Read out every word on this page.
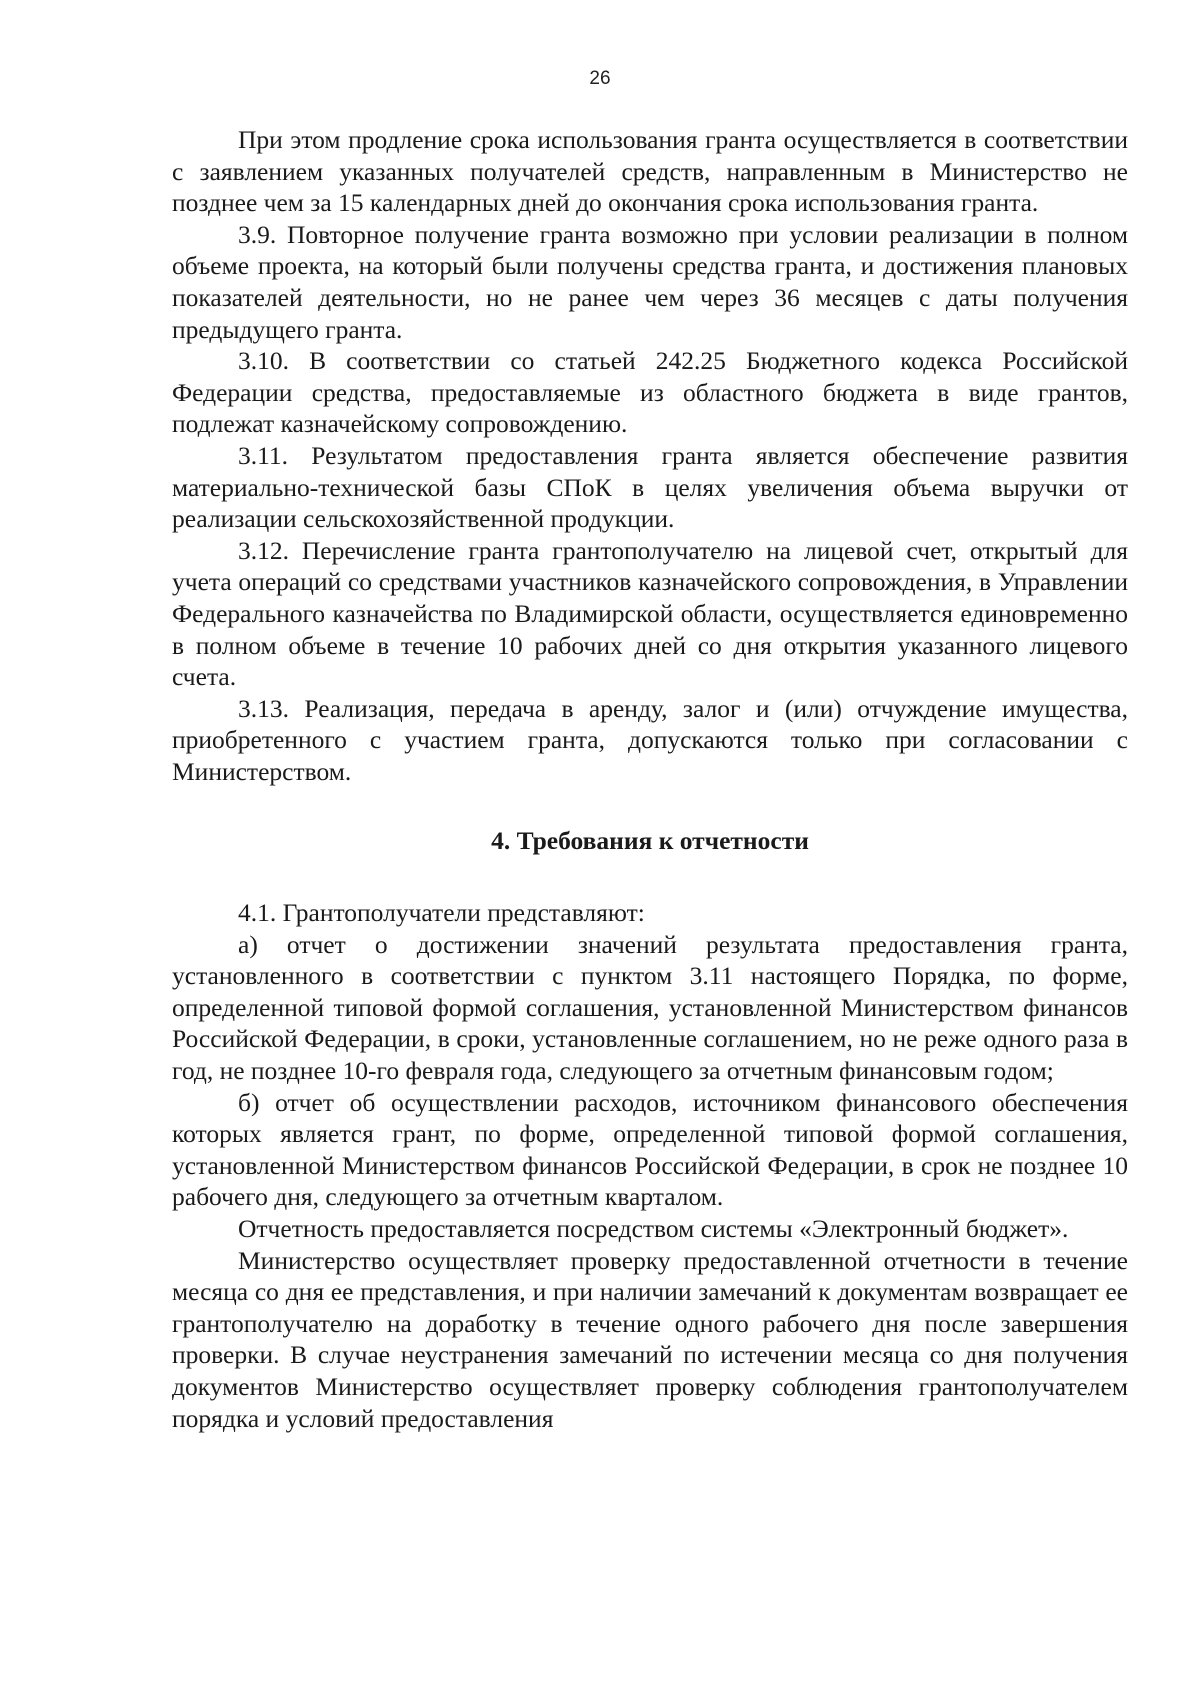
26

При этом продление срока использования гранта осуществляется в соответствии с заявлением указанных получателей средств, направленным в Министерство не позднее чем за 15 календарных дней до окончания срока использования гранта.

3.9. Повторное получение гранта возможно при условии реализации в полном объеме проекта, на который были получены средства гранта, и достижения плановых показателей деятельности, но не ранее чем через 36 месяцев с даты получения предыдущего гранта.

3.10. В соответствии со статьей 242.25 Бюджетного кодекса Российской Федерации средства, предоставляемые из областного бюджета в виде грантов, подлежат казначейскому сопровождению.

3.11. Результатом предоставления гранта является обеспечение развития материально-технической базы СПоК в целях увеличения объема выручки от реализации сельскохозяйственной продукции.

3.12. Перечисление гранта грантополучателю на лицевой счет, открытый для учета операций со средствами участников казначейского сопровождения, в Управлении Федерального казначейства по Владимирской области, осуществляется единовременно в полном объеме в течение 10 рабочих дней со дня открытия указанного лицевого счета.

3.13. Реализация, передача в аренду, залог и (или) отчуждение имущества, приобретенного с участием гранта, допускаются только при согласовании с Министерством.

4. Требования к отчетности

4.1. Грантополучатели представляют:

а) отчет о достижении значений результата предоставления гранта, установленного в соответствии с пунктом 3.11 настоящего Порядка, по форме, определенной типовой формой соглашения, установленной Министерством финансов Российской Федерации, в сроки, установленные соглашением, но не реже одного раза в год, не позднее 10-го февраля года, следующего за отчетным финансовым годом;

б) отчет об осуществлении расходов, источником финансового обеспечения которых является грант, по форме, определенной типовой формой соглашения, установленной Министерством финансов Российской Федерации, в срок не позднее 10 рабочего дня, следующего за отчетным кварталом.

Отчетность предоставляется посредством системы «Электронный бюджет».

Министерство осуществляет проверку предоставленной отчетности в течение месяца со дня ее представления, и при наличии замечаний к документам возвращает ее грантополучателю на доработку в течение одного рабочего дня после завершения проверки. В случае неустранения замечаний по истечении месяца со дня получения документов Министерство осуществляет проверку соблюдения грантополучателем порядка и условий предоставления
